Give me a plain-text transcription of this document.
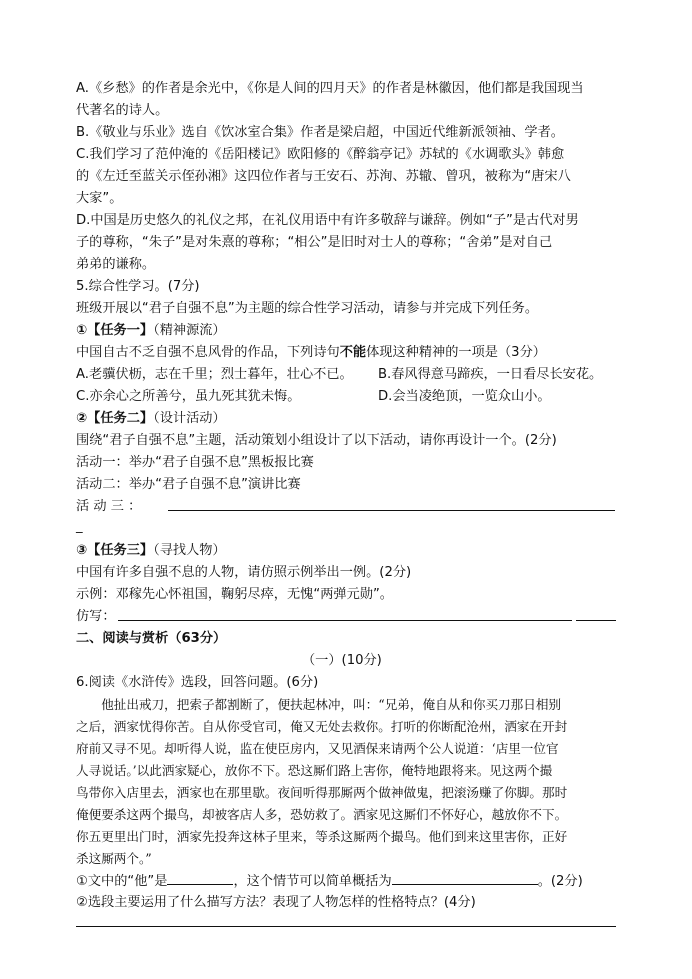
A.《乡愁》的作者是余光中，《你是人间的四月天》的作者是林徽因，他们都是我国现当
代著名的诗人。
B.《敬业与乐业》选自《饮冰室合集》作者是梁启超，中国近代维新派领袖、学者。
C.我们学习了范仲淹的《岳阳楼记》欧阳修的《醉翁亭记》苏轼的《水调歌头》韩愈
的《左迁至蓝关示侄孙湘》这四位作者与王安石、苏洵、苏辙、曾巩，被称为“唐宋八
大家”。
D.中国是历史悠久的礼仪之邦，在礼仪用语中有许多敬辞与谦辞。例如“子”是古代对男
子的尊称，“朱子”是对朱熹的尊称；“相公”是旧时对士人的尊称；“舍弟”是对自己
弟弟的谦称。
5.综合性学习。(7分)
班级开展以“君子自强不息”为主题的综合性学习活动，请参与并完成下列任务。
①【任务一】（精神源流）
中国自古不乏自强不息风骨的作品，下列诗句不能体现这种精神的一项是（3分）
A.老骥伏枥，志在千里；烈士暮年，壮心不已。 B.春风得意马蹄疾，一日看尽长安花。
C.亦余心之所善兮，虽九死其犹未悔。	D.会当凌绝顶，一览众山小。
②【任务二】（设计活动）
围绕“君子自强不息”主题，活动策划小组设计了以下活动，请你再设计一个。(2分)
活动一：举办“君子自强不息”黑板报比赛
活动二：举办“君子自强不息”演讲比赛
活 动 三 ：
_
③【任务三】（寻找人物）
中国有许多自强不息的人物，请仿照示例举出一例。(2分)
示例：邓稼先心怀祖国，鞠躬尽瘁，无愧“两弹元勋”。
仿写：
二、阅读与赏析（63分）
（一）(10分)
6.阅读《水浒传》选段，回答问题。(6分)
　　他扯出戒刀，把索子都割断了，便扶起林冲，叫：“兄弟，俺自从和你买刀那日相别
之后，洒家忧得你苦。自从你受官司，俺又无处去救你。打听的你断配沧州，洒家在开封
府前又寻不见。却听得人说，监在使臣房内，又见酒保来请两个公人说道：‘店里一位官
人寻说话。’以此洒家疑心，放你不下。恐这厮们路上害你，俺特地跟将来。见这两个撮
鸟带你入店里去，洒家也在那里歇。夜间听得那厮两个做神做鬼，把滚汤赚了你脚。那时
俺便要杀这两个撮鸟，却被客店人多，恐妨救了。洒家见这厮们不怀好心，越放你不下。
你五更里出门时，洒家先投奔这林子里来，等杀这厮两个撮鸟。他们到来这里害你，正好
杀这厮两个。”
①文中的“他”是	，这个情节可以简单概括为	。(2分)
②选段主要运用了什么描写方法？表现了人物怎样的性格特点？(4分)
